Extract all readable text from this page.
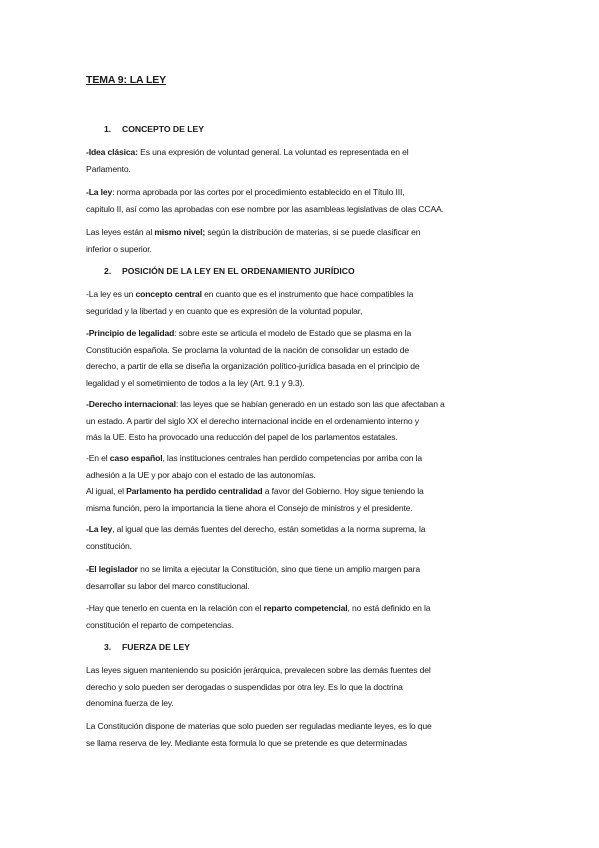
TEMA 9: LA LEY
1. CONCEPTO DE LEY
-Idea clásica: Es una expresión de voluntad general. La voluntad es representada en el
Parlamento.
-La ley: norma aprobada por las cortes por el procedimiento establecido en el Título III,
capitulo II, así como las aprobadas con ese nombre por las asambleas legislativas de olas CCAA.
Las leyes están al mismo nivel; según la distribución de materias, si se puede clasificar en
inferior o superior.
2. POSICIÓN DE LA LEY EN EL ORDENAMIENTO JURÍDICO
-La ley es un concepto central en cuanto que es el instrumento que hace compatibles la
seguridad y la libertad y en cuanto que es expresión de la voluntad popular,
-Principio de legalidad: sobre este se articula el modelo de Estado que se plasma en la
Constitución española. Se proclama la voluntad de la nación de consolidar un estado de
derecho, a partir de ella se diseña la organización político-jurídica basada en el principio de
legalidad y el sometimiento de todos a la ley (Art. 9.1 y 9.3).
-Derecho internacional: las leyes que se habían generado en un estado son las que afectaban a
un estado. A partir del siglo XX el derecho internacional incide en el ordenamiento interno y
más la UE. Esto ha provocado una reducción del papel de los parlamentos estatales.
-En el caso español, las instituciones centrales han perdido competencias por arriba con la
adhesión a la UE y por abajo con el estado de las autonomías.
Al igual, el Parlamento ha perdido centralidad a favor del Gobierno. Hoy sigue teniendo la
misma función, pero la importancia la tiene ahora el Consejo de ministros y el presidente.
-La ley, al igual que las demás fuentes del derecho, están sometidas a la norma suprema, la
constitución.
-El legislador no se limita a ejecutar la Constitución, sino que tiene un amplio margen para
desarrollar su labor del marco constitucional.
-Hay que tenerlo en cuenta en la relación con el reparto competencial, no está definido en la
constitución el reparto de competencias.
3. FUERZA DE LEY
Las leyes siguen manteniendo su posición jerárquica, prevalecen sobre las demás fuentes del
derecho y solo pueden ser derogadas o suspendidas por otra ley. Es lo que la doctrina
denomina fuerza de ley.
La Constitución dispone de materias que solo pueden ser reguladas mediante leyes, es lo que
se llama reserva de ley. Mediante esta formula lo que se pretende es que determinadas
